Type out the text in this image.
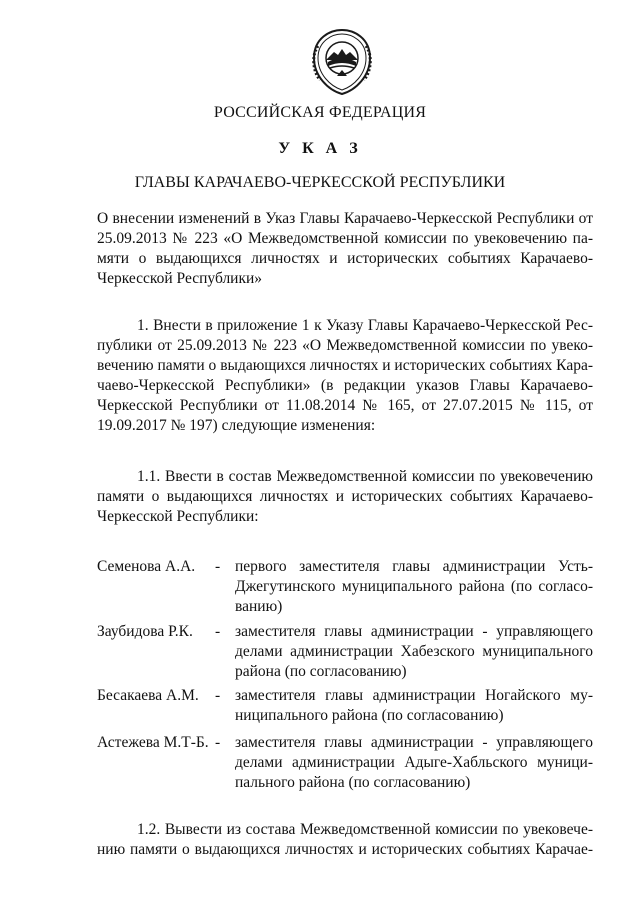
РОССИЙСКАЯ ФЕДЕРАЦИЯ
У К А З
ГЛАВЫ КАРАЧАЕВО-ЧЕРКЕССКОЙ РЕСПУБЛИКИ
О внесении изменений в Указ Главы Карачаево-Черкесской Республики от
25.09.2013 № 223 «О Межведомственной комиссии по увековечению па-
мяти о выдающихся личностях и исторических событиях Карачаево-
Черкесской Республики»
1. Внести в приложение 1 к Указу Главы Карачаево-Черкесской Рес-
публики от 25.09.2013 № 223 «О Межведомственной комиссии по увеко-
вечению памяти о выдающихся личностях и исторических событиях Кара-
чаево-Черкесской Республики» (в редакции указов Главы Карачаево-
Черкесской Республики от 11.08.2014 № 165, от 27.07.2015 № 115, от
19.09.2017 № 197) следующие изменения:
1.1. Ввести в состав Межведомственной комиссии по увековечению
памяти о выдающихся личностях и исторических событиях Карачаево-
Черкесской Республики:
Семенова А.А. - первого заместителя главы администрации Усть-
Джегутинского муниципального района (по согласо-
ванию)
Заубидова Р.К. - заместителя главы администрации - управляющего
делами администрации Хабезского муниципального
района (по согласованию)
Бесакаева А.М. - заместителя главы администрации Ногайского му-
ниципального района (по согласованию)
Астежева М.Т-Б. - заместителя главы администрации - управляющего
делами администрации Адыге-Хабльского муници-
пального района (по согласованию)
1.2. Вывести из состава Межведомственной комиссии по увековече-
нию памяти о выдающихся личностях и исторических событиях Карачае-
